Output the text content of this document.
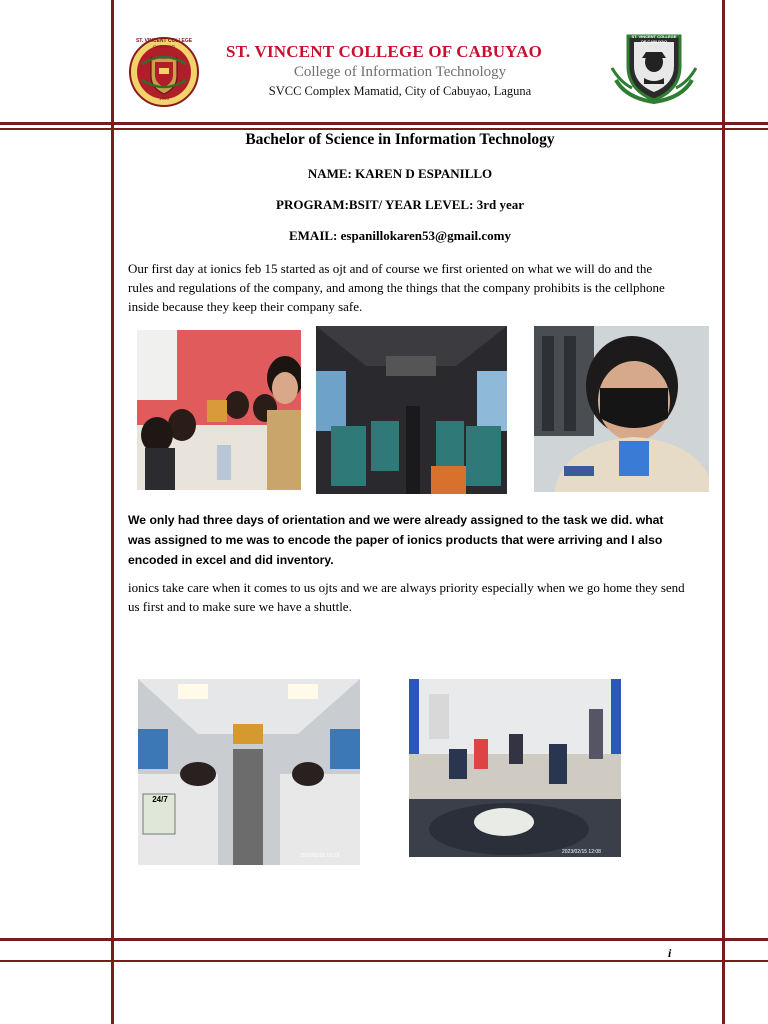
ST. VINCENT COLLEGE
CABUYAO
1990
ST. VINCENT COLLEGE OF CABUYAO
ST. VINCENT COLLEGE OF CABUYAO
College of Information Technology
SVCC Complex Mamatid, City of Cabuyao, Laguna
Bachelor of Science in Information Technology
NAME: KAREN D ESPANILLO
PROGRAM:BSIT/ YEAR LEVEL: 3rd year
EMAIL: espanillokaren53@gmail.comy
Our first day at ionics feb 15 started as ojt and of course we first oriented on what we will do and the rules and regulations of the company, and among the things that the company prohibits is the cellphone inside because they keep their company safe.
We only had three days of orientation and we were already assigned to the task we did. what was assigned to me was to encode the paper of ionics products that were arriving and I also encoded in excel and did inventory.
ionics take care when it comes to us ojts and we are always priority especially when we go home they send us first and to make sure we have a shuttle.
24/7
2023/02/10 18:23
2023/02/15 12:08
i
